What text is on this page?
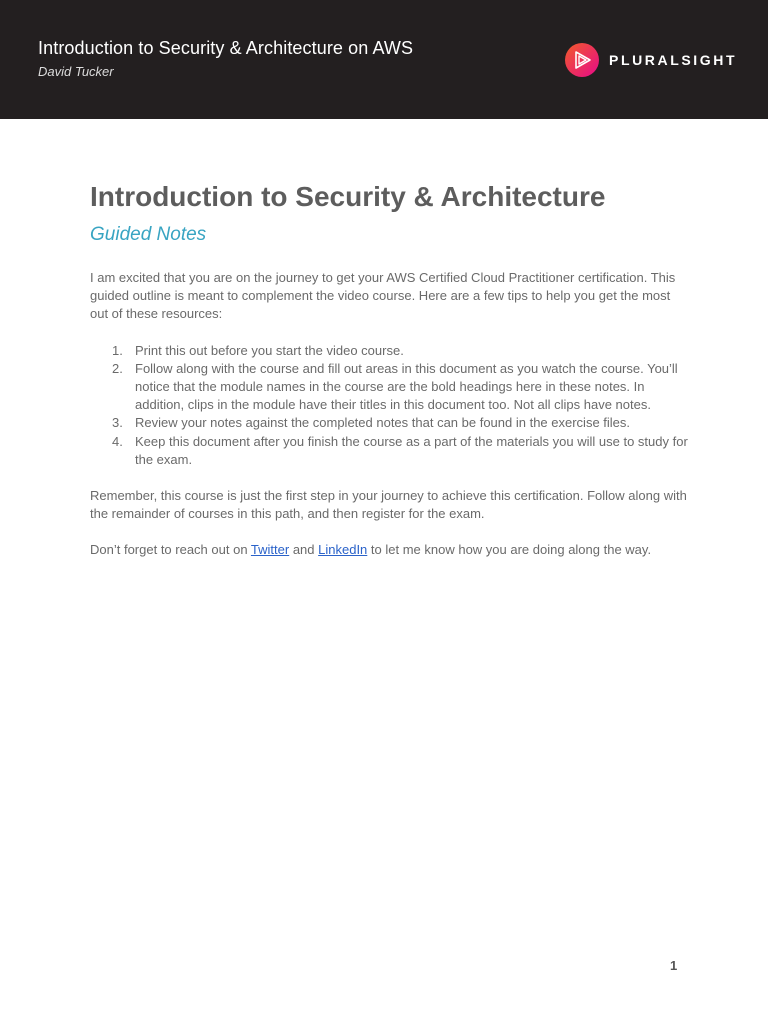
Introduction to Security & Architecture on AWS
David Tucker
PLURALSIGHT
Introduction to Security & Architecture
Guided Notes

I am excited that you are on the journey to get your AWS Certified Cloud Practitioner certification. This guided outline is meant to complement the video course. Here are a few tips to help you get the most out of these resources:

1. Print this out before you start the video course.
2. Follow along with the course and fill out areas in this document as you watch the course. You’ll notice that the module names in the course are the bold headings here in these notes. In addition, clips in the module have their titles in this document too. Not all clips have notes.
3. Review your notes against the completed notes that can be found in the exercise files.
4. Keep this document after you finish the course as a part of the materials you will use to study for the exam.

Remember, this course is just the first step in your journey to achieve this certification. Follow along with the remainder of courses in this path, and then register for the exam.

Don’t forget to reach out on Twitter and LinkedIn to let me know how you are doing along the way.

1
